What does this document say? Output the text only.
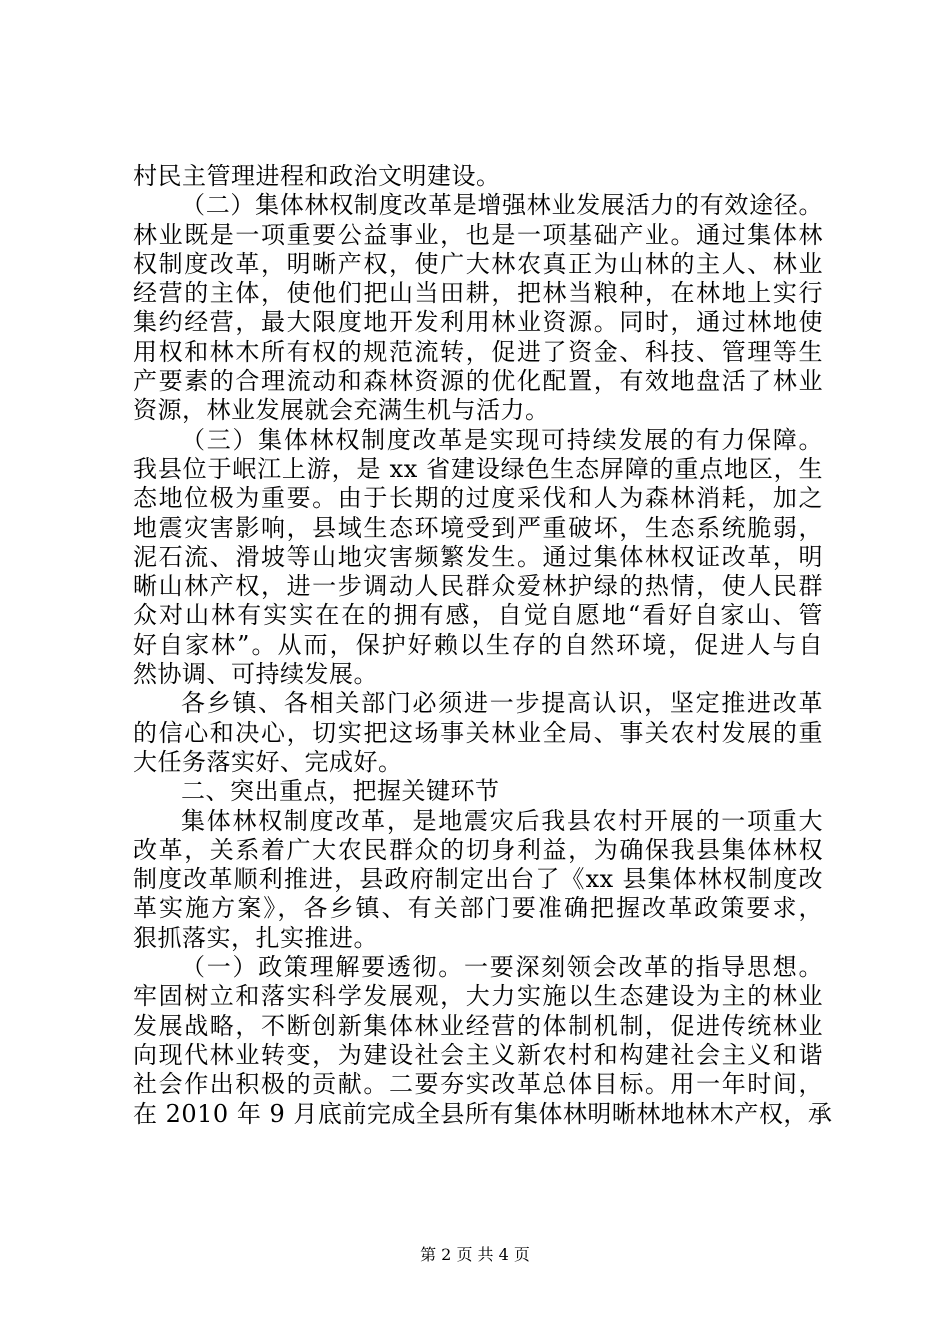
村民主管理进程和政治文明建设。
（二）集体林权制度改革是增强林业发展活力的有效途径。
林业既是一项重要公益事业，也是一项基础产业。通过集体林
权制度改革，明晰产权，使广大林农真正为山林的主人、林业
经营的主体，使他们把山当田耕，把林当粮种，在林地上实行
集约经营，最大限度地开发利用林业资源。同时，通过林地使
用权和林木所有权的规范流转，促进了资金、科技、管理等生
产要素的合理流动和森林资源的优化配置，有效地盘活了林业
资源，林业发展就会充满生机与活力。
（三）集体林权制度改革是实现可持续发展的有力保障。
我县位于岷江上游，是 xx 省建设绿色生态屏障的重点地区，生
态地位极为重要。由于长期的过度采伐和人为森林消耗，加之
地震灾害影响，县域生态环境受到严重破坏，生态系统脆弱，
泥石流、滑坡等山地灾害频繁发生。通过集体林权证改革，明
晰山林产权，进一步调动人民群众爱林护绿的热情，使人民群
众对山林有实实在在的拥有感，自觉自愿地“看好自家山、管
好自家林”。从而，保护好赖以生存的自然环境，促进人与自
然协调、可持续发展。
各乡镇、各相关部门必须进一步提高认识，坚定推进改革
的信心和决心，切实把这场事关林业全局、事关农村发展的重
大任务落实好、完成好。
二、突出重点，把握关键环节
集体林权制度改革，是地震灾后我县农村开展的一项重大
改革，关系着广大农民群众的切身利益，为确保我县集体林权
制度改革顺利推进，县政府制定出台了《xx 县集体林权制度改
革实施方案》，各乡镇、有关部门要准确把握改革政策要求，
狠抓落实，扎实推进。
（一）政策理解要透彻。一要深刻领会改革的指导思想。
牢固树立和落实科学发展观，大力实施以生态建设为主的林业
发展战略，不断创新集体林业经营的体制机制，促进传统林业
向现代林业转变，为建设社会主义新农村和构建社会主义和谐
社会作出积极的贡献。二要夯实改革总体目标。用一年时间，
在 2010 年 9 月底前完成全县所有集体林明晰林地林木产权，承
第 2 页 共 4 页
